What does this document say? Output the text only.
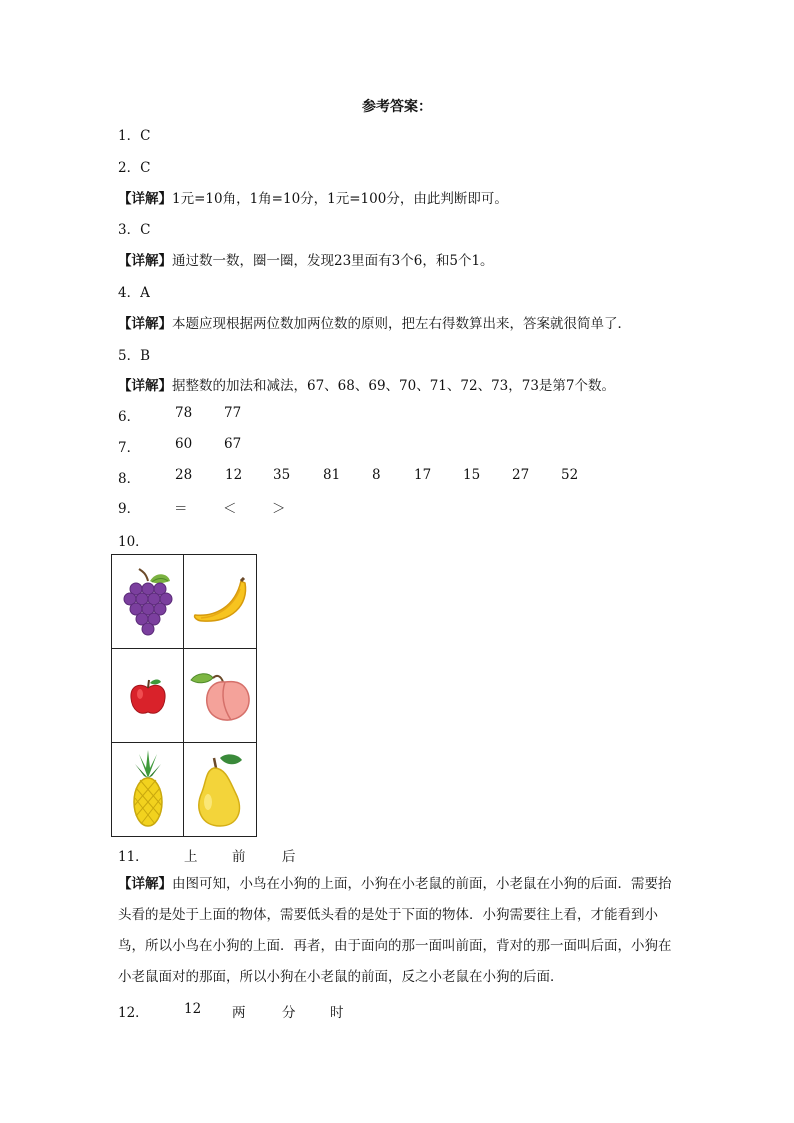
参考答案：
1．C
2．C
【详解】1元=10角，1角=10分，1元=100分，由此判断即可。
3．C
【详解】通过数一数，圈一圈，发现23里面有3个6，和5个1。
4．A
【详解】本题应现根据两位数加两位数的原则，把左右得数算出来，答案就很简单了．
5．B
【详解】据整数的加法和减法，67、68、69、70、71、72、73，73是第7个数。
6．	78 77
7．	60 67
8．	28 12 35 81 8 17 15 27 52
9．	＝	＜	＞
10．

11．	上	前	后
【详解】由图可知，小鸟在小狗的上面，小狗在小老鼠的前面，小老鼠在小狗的后面．需要抬头看的是处于上面的物体，需要低头看的是处于下面的物体．小狗需要往上看，才能看到小鸟，所以小鸟在小狗的上面．再者，由于面向的那一面叫前面，背对的那一面叫后面，小狗在小老鼠面对的那面，所以小狗在小老鼠的前面，反之小老鼠在小狗的后面．
12．	12 两	分	时
